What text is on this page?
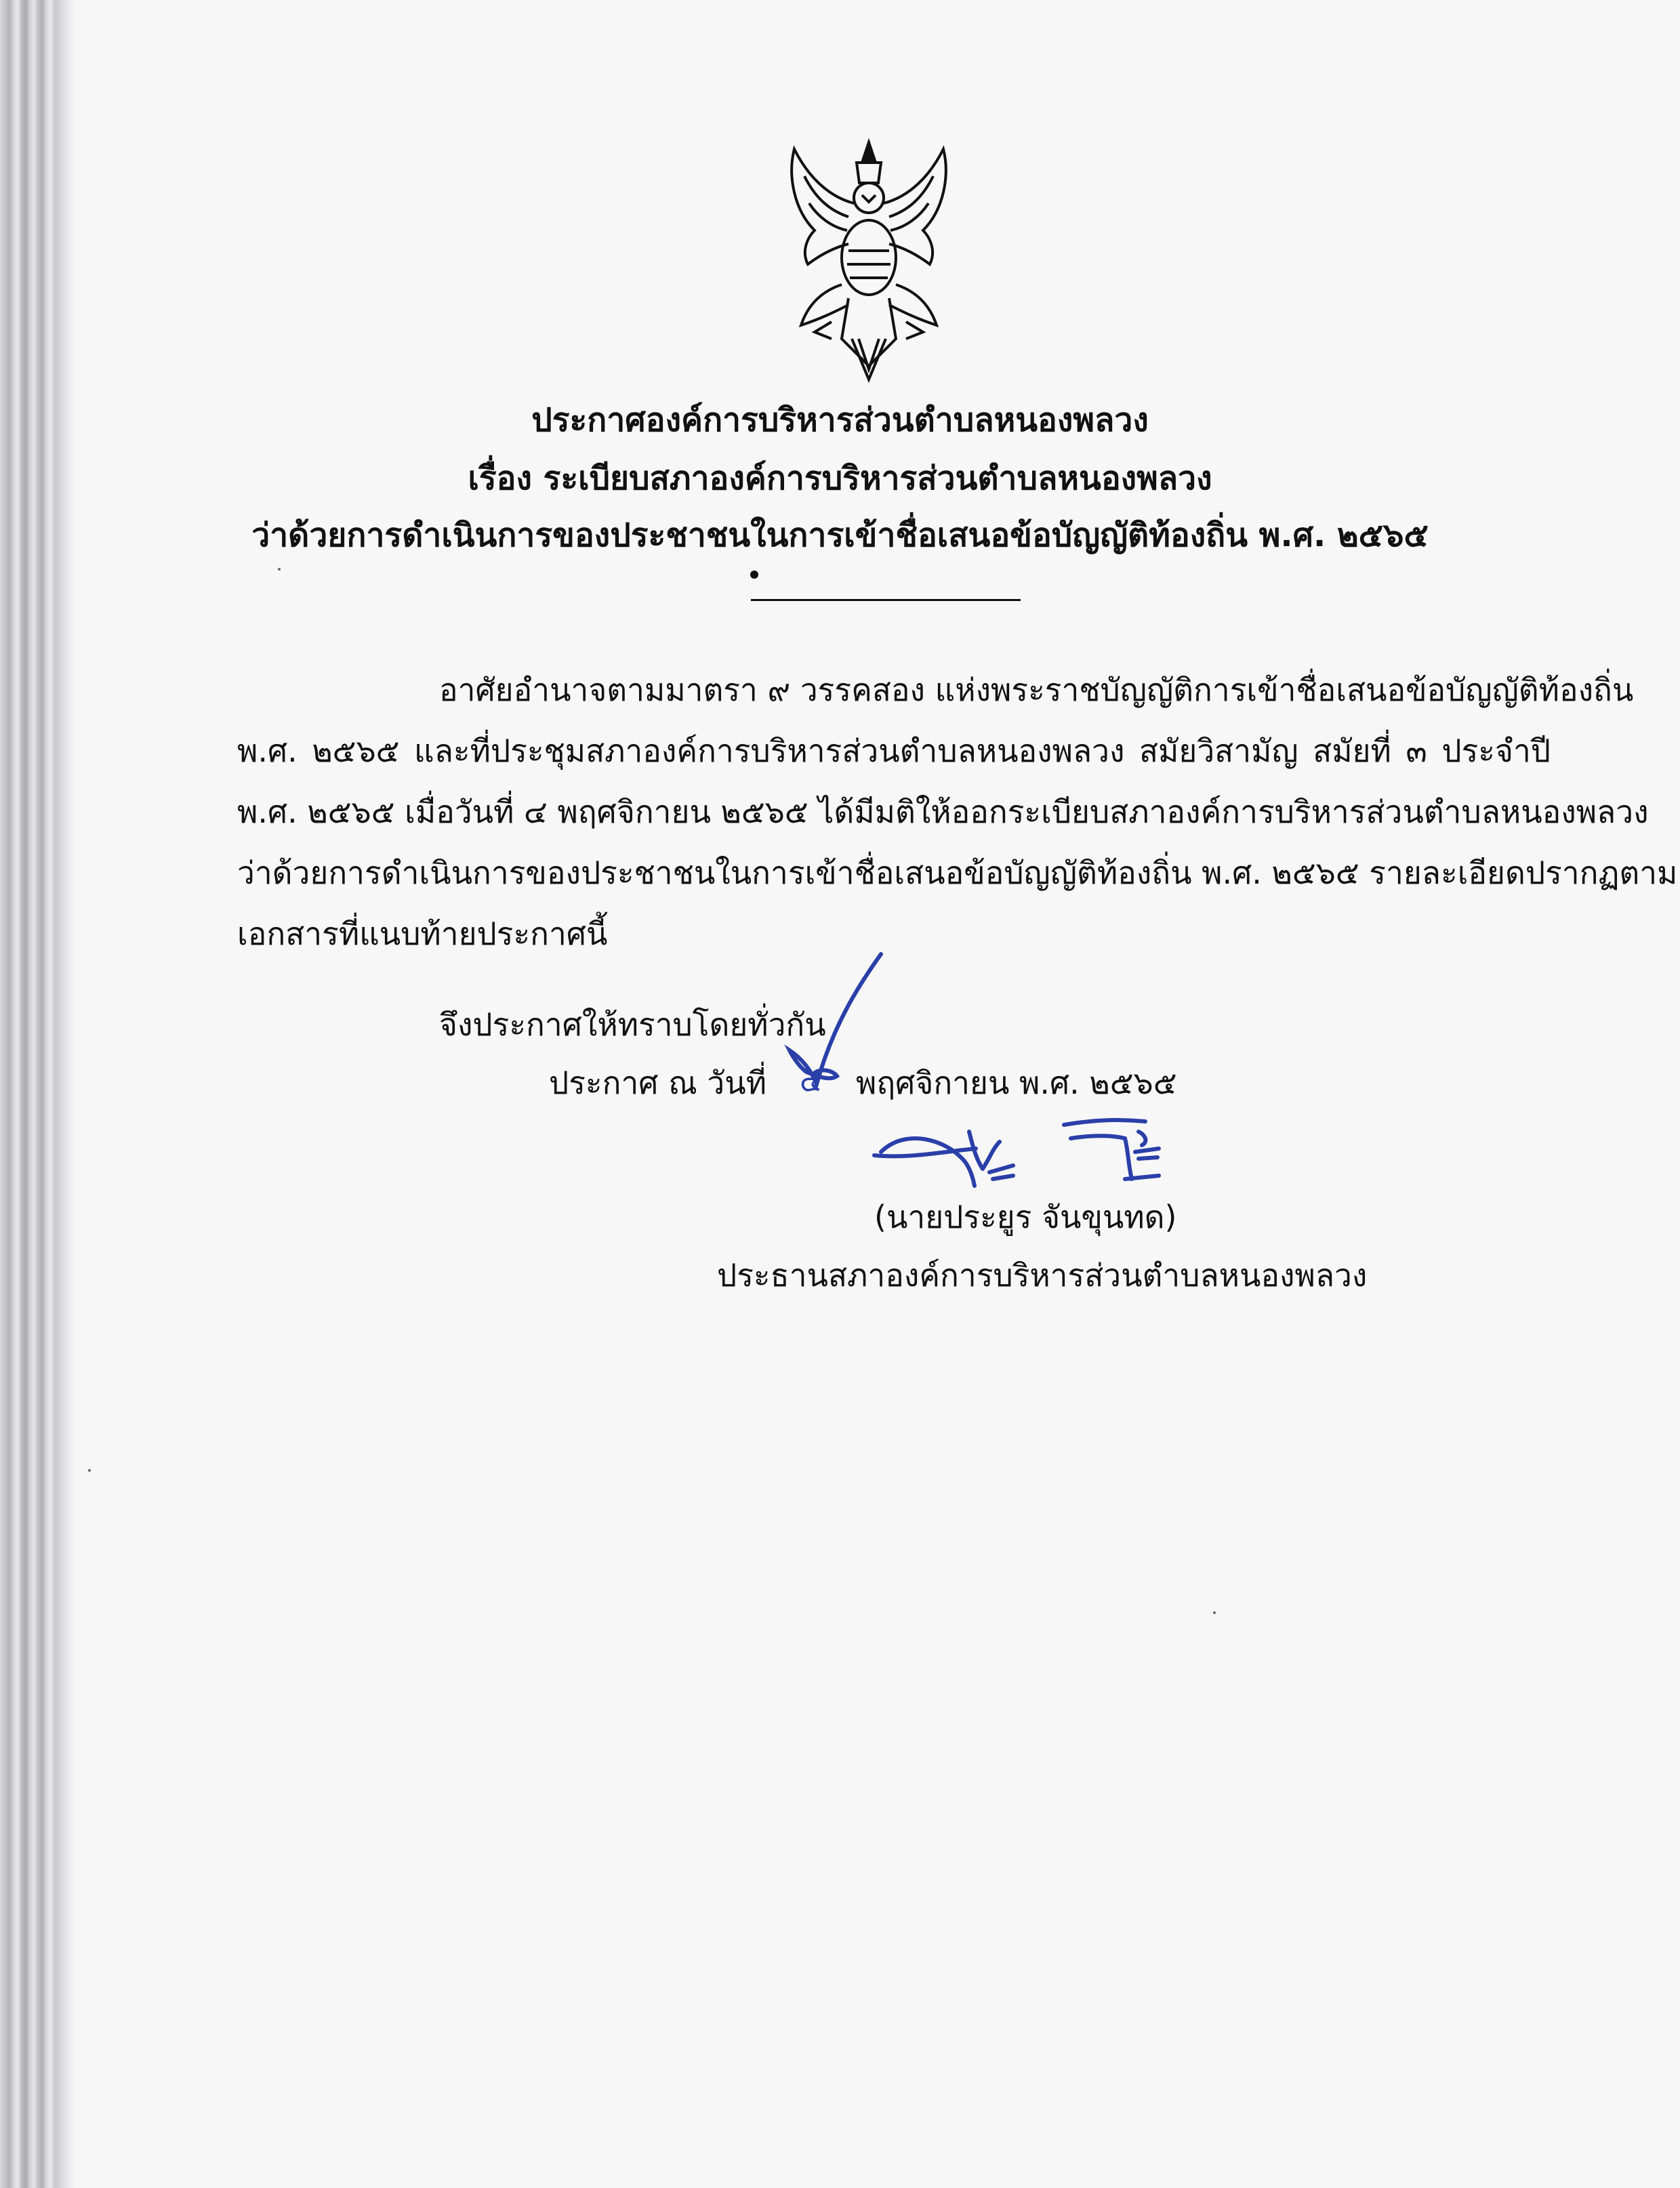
ประกาศองค์การบริหารส่วนตำบลหนองพลวง
เรื่อง ระเบียบสภาองค์การบริหารส่วนตำบลหนองพลวง
ว่าด้วยการดำเนินการของประชาชนในการเข้าชื่อเสนอข้อบัญญัติท้องถิ่น พ.ศ. ๒๕๖๕
อาศัยอำนาจตามมาตรา ๙ วรรคสอง แห่งพระราชบัญญัติการเข้าชื่อเสนอข้อบัญญัติท้องถิ่น
พ.ศ. ๒๕๖๕ และที่ประชุมสภาองค์การบริหารส่วนตำบลหนองพลวง สมัยวิสามัญ สมัยที่ ๓ ประจำปี
พ.ศ. ๒๕๖๕ เมื่อวันที่ ๔ พฤศจิกายน ๒๕๖๕ ได้มีมติให้ออกระเบียบสภาองค์การบริหารส่วนตำบลหนองพลวง
ว่าด้วยการดำเนินการของประชาชนในการเข้าชื่อเสนอข้อบัญญัติท้องถิ่น พ.ศ. ๒๕๖๕ รายละเอียดปรากฏตาม
เอกสารที่แนบท้ายประกาศนี้
จึงประกาศให้ทราบโดยทั่วกัน
ประกาศ ณ วันที่ ๔ พฤศจิกายน พ.ศ. ๒๕๖๕
(นายประยูร จันขุนทด)
ประธานสภาองค์การบริหารส่วนตำบลหนองพลวง
